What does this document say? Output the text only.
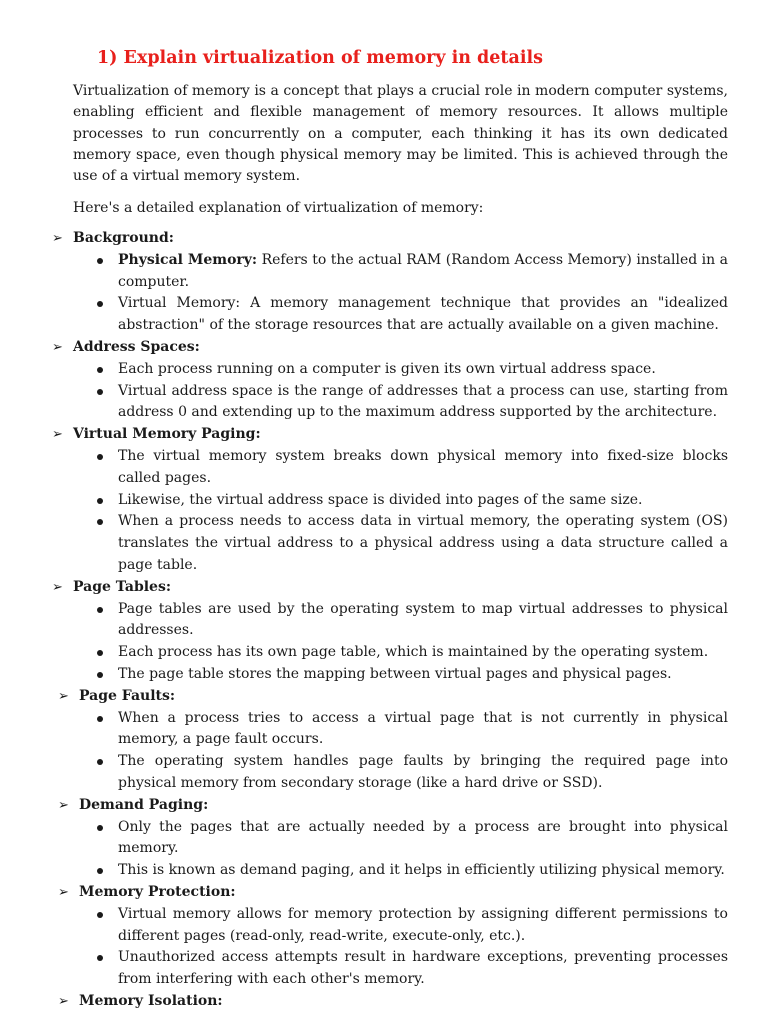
1) Explain virtualization of memory in details

Virtualization of memory is a concept that plays a crucial role in modern computer systems, enabling efficient and flexible management of memory resources. It allows multiple processes to run concurrently on a computer, each thinking it has its own dedicated memory space, even though physical memory may be limited. This is achieved through the use of a virtual memory system.

Here's a detailed explanation of virtualization of memory:

➢ Background:
Physical Memory: Refers to the actual RAM (Random Access Memory) installed in a computer.
Virtual Memory: A memory management technique that provides an "idealized abstraction" of the storage resources that are actually available on a given machine.
➢ Address Spaces:
Each process running on a computer is given its own virtual address space.
Virtual address space is the range of addresses that a process can use, starting from address 0 and extending up to the maximum address supported by the architecture.
➢ Virtual Memory Paging:
The virtual memory system breaks down physical memory into fixed-size blocks called pages.
Likewise, the virtual address space is divided into pages of the same size.
When a process needs to access data in virtual memory, the operating system (OS) translates the virtual address to a physical address using a data structure called a page table.
➢ Page Tables:
Page tables are used by the operating system to map virtual addresses to physical addresses.
Each process has its own page table, which is maintained by the operating system.
The page table stores the mapping between virtual pages and physical pages.
➢ Page Faults:
When a process tries to access a virtual page that is not currently in physical memory, a page fault occurs.
The operating system handles page faults by bringing the required page into physical memory from secondary storage (like a hard drive or SSD).
➢ Demand Paging:
Only the pages that are actually needed by a process are brought into physical memory.
This is known as demand paging, and it helps in efficiently utilizing physical memory.
➢ Memory Protection:
Virtual memory allows for memory protection by assigning different permissions to different pages (read-only, read-write, execute-only, etc.).
Unauthorized access attempts result in hardware exceptions, preventing processes from interfering with each other's memory.
➢ Memory Isolation:
